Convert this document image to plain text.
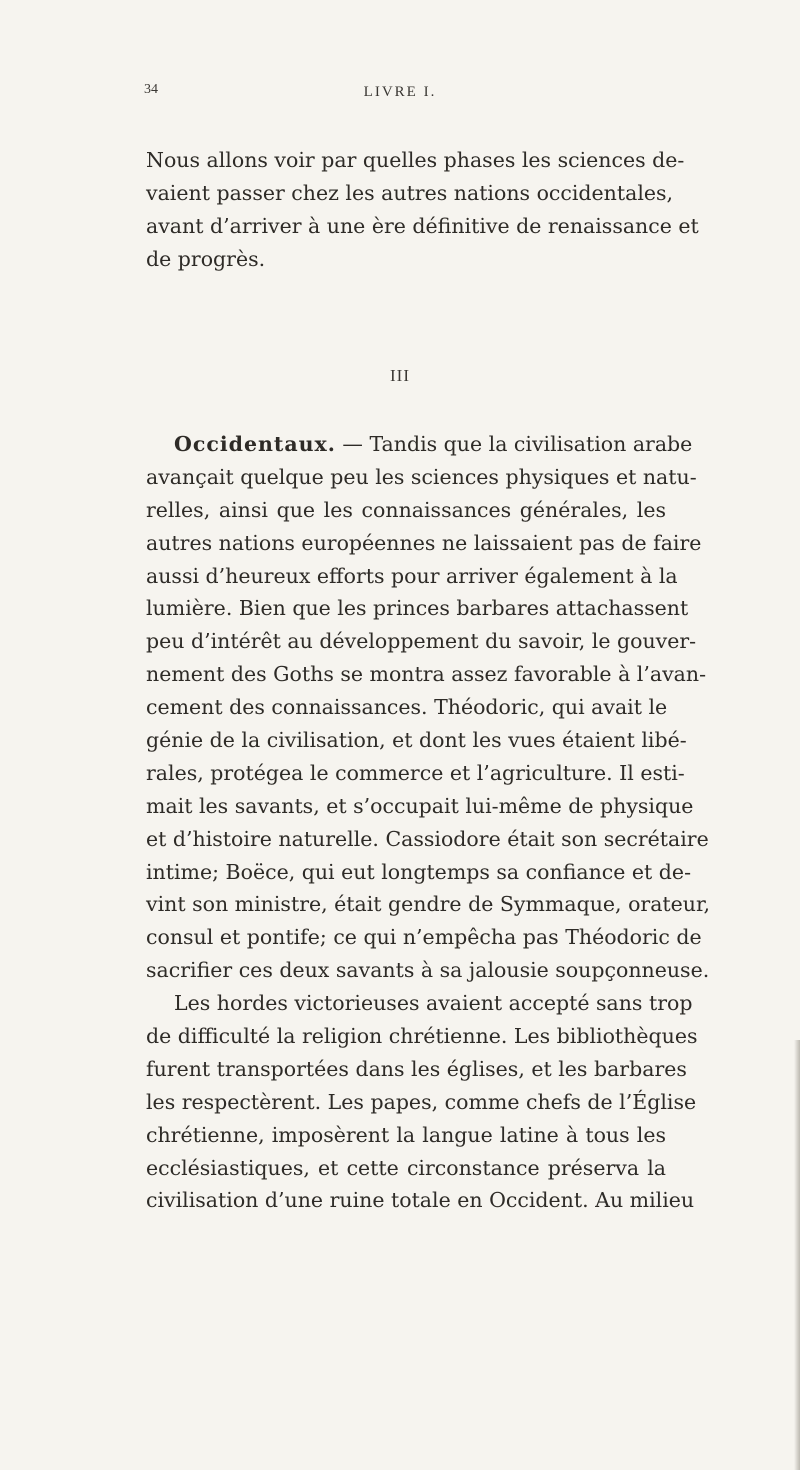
34	LIVRE I.
Nous allons voir par quelles phases les sciences de-
vaient passer chez les autres nations occidentales,
avant d’arriver à une ère définitive de renaissance et
de progrès.
III
Occidentaux. — Tandis que la civilisation arabe
avançait quelque peu les sciences physiques et natu-
relles, ainsi que les connaissances générales, les
autres nations européennes ne laissaient pas de faire
aussi d’heureux efforts pour arriver également à la
lumière. Bien que les princes barbares attachassent
peu d’intérêt au développement du savoir, le gouver-
nement des Goths se montra assez favorable à l’avan-
cement des connaissances. Théodoric, qui avait le
génie de la civilisation, et dont les vues étaient libé-
rales, protégea le commerce et l’agriculture. Il esti-
mait les savants, et s’occupait lui-même de physique
et d’histoire naturelle. Cassiodore était son secrétaire
intime; Boëce, qui eut longtemps sa confiance et de-
vint son ministre, était gendre de Symmaque, orateur,
consul et pontife; ce qui n’empêcha pas Théodoric de
sacrifier ces deux savants à sa jalousie soupçonneuse.
Les hordes victorieuses avaient accepté sans trop
de difficulté la religion chrétienne. Les bibliothèques
furent transportées dans les églises, et les barbares
les respectèrent. Les papes, comme chefs de l’Église
chrétienne, imposèrent la langue latine à tous les
ecclésiastiques, et cette circonstance préserva la
civilisation d’une ruine totale en Occident. Au milieu
